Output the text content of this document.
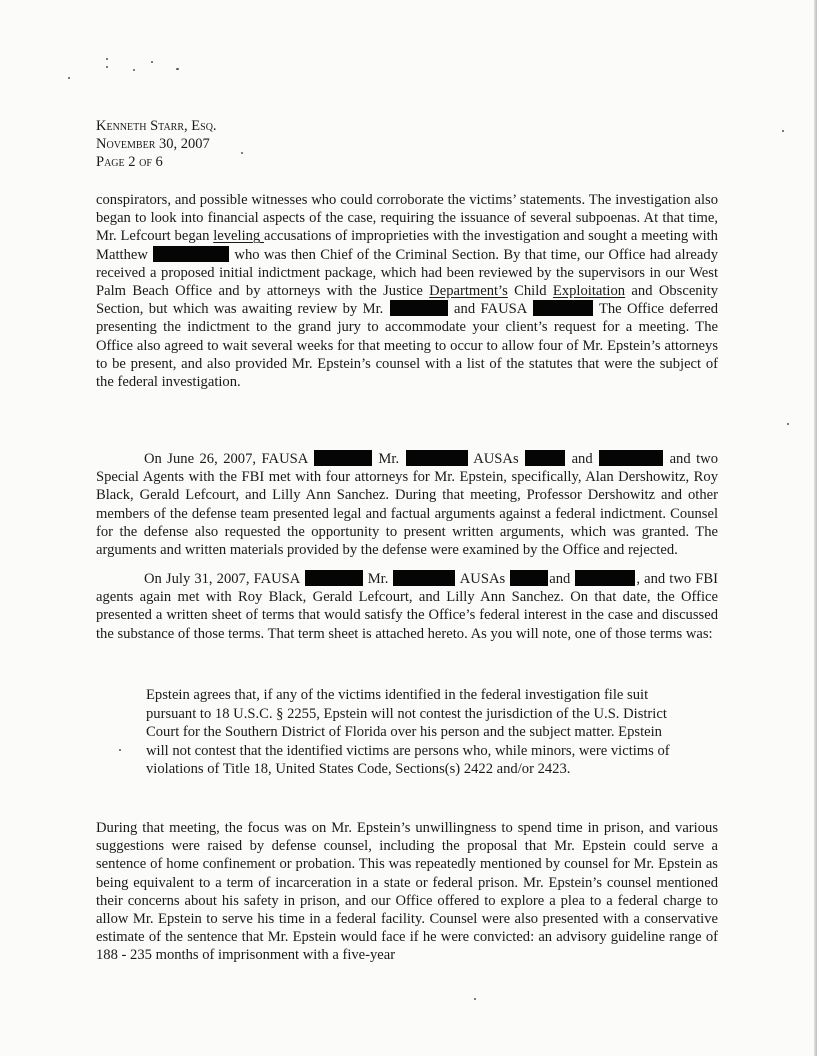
Kenneth Starr, Esq.
November 30, 2007
Page 2 of 6

conspirators, and possible witnesses who could corroborate the victims’ statements. The investigation also began to look into financial aspects of the case, requiring the issuance of several subpoenas. At that time, Mr. Lefcourt began leveling accusations of improprieties with the investigation and sought a meeting with Matthew	who was then Chief of the Criminal Section. By that time, our Office had already received a proposed initial indictment package, which had been reviewed by the supervisors in our West Palm Beach Office and by attorneys with the Justice Department’s Child Exploitation and Obscenity Section, but which was awaiting review by Mr.	and FAUSA	The Office deferred presenting the indictment to the grand jury to accommodate your client’s request for a meeting. The Office also agreed to wait several weeks for that meeting to occur to allow four of Mr. Epstein’s attorneys to be present, and also provided Mr. Epstein’s counsel with a list of the statutes that were the subject of the federal investigation.

On June 26, 2007, FAUSA	Mr.	AUSAs	and	and two Special Agents with the FBI met with four attorneys for Mr. Epstein, specifically, Alan Dershowitz, Roy Black, Gerald Lefcourt, and Lilly Ann Sanchez. During that meeting, Professor Dershowitz and other members of the defense team presented legal and factual arguments against a federal indictment. Counsel for the defense also requested the opportunity to present written arguments, which was granted. The arguments and written materials provided by the defense were examined by the Office and rejected.

On July 31, 2007, FAUSA	Mr.	AUSAs	and	, and two FBI agents again met with Roy Black, Gerald Lefcourt, and Lilly Ann Sanchez. On that date, the Office presented a written sheet of terms that would satisfy the Office’s federal interest in the case and discussed the substance of those terms. That term sheet is attached hereto. As you will note, one of those terms was:

Epstein agrees that, if any of the victims identified in the federal investigation file suit pursuant to 18 U.S.C. § 2255, Epstein will not contest the jurisdiction of the U.S. District Court for the Southern District of Florida over his person and the subject matter. Epstein will not contest that the identified victims are persons who, while minors, were victims of violations of Title 18, United States Code, Sections(s) 2422 and/or 2423.

During that meeting, the focus was on Mr. Epstein’s unwillingness to spend time in prison, and various suggestions were raised by defense counsel, including the proposal that Mr. Epstein could serve a sentence of home confinement or probation. This was repeatedly mentioned by counsel for Mr. Epstein as being equivalent to a term of incarceration in a state or federal prison. Mr. Epstein’s counsel mentioned their concerns about his safety in prison, and our Office offered to explore a plea to a federal charge to allow Mr. Epstein to serve his time in a federal facility. Counsel were also presented with a conservative estimate of the sentence that Mr. Epstein would face if he were convicted: an advisory guideline range of 188 - 235 months of imprisonment with a five-year
